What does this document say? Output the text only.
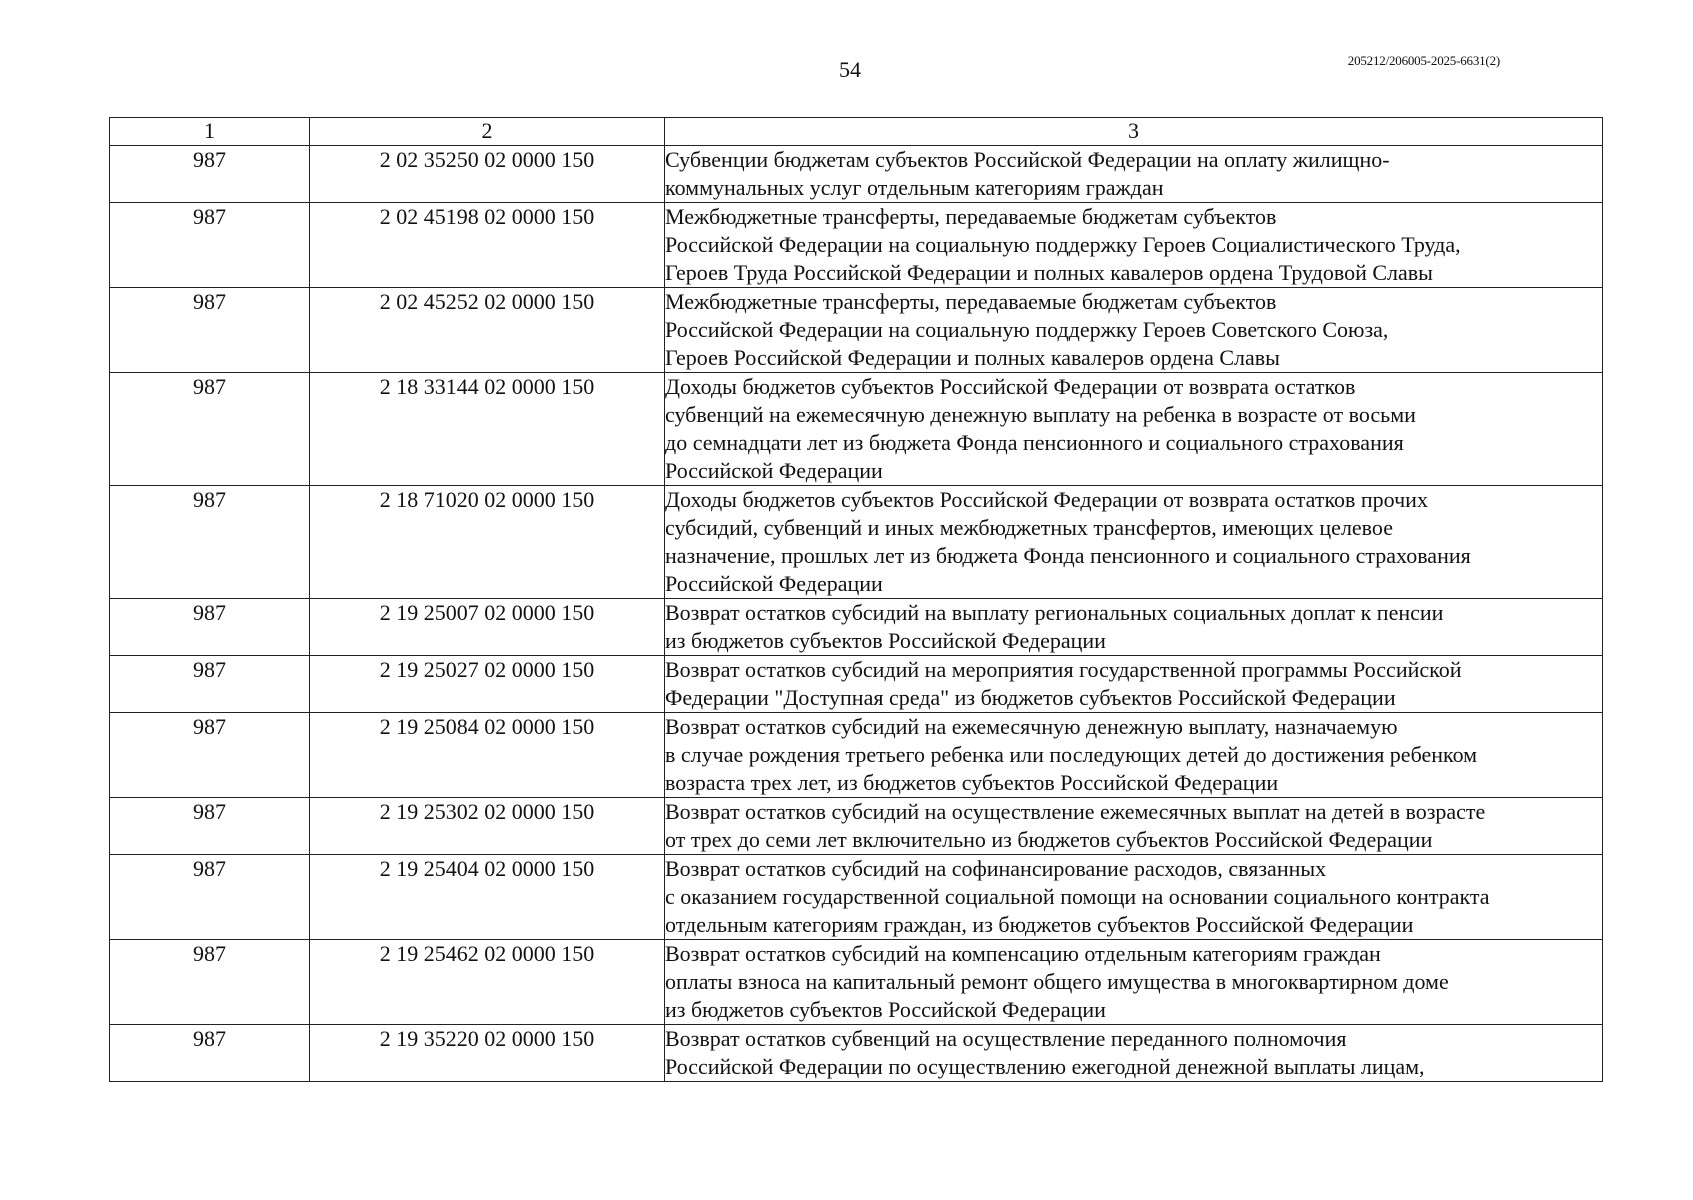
54	205212/206005-2025-6631(2)
1	2	3
987	2 02 35250 02 0000 150	Субвенции бюджетам субъектов Российской Федерации на оплату жилищно-
коммунальных услуг отдельным категориям граждан

987	2 02 45198 02 0000 150	Межбюджетные трансферты, передаваемые бюджетам субъектов
Российской Федерации на социальную поддержку Героев Социалистического Труда,
Героев Труда Российской Федерации и полных кавалеров ордена Трудовой Славы

987	2 02 45252 02 0000 150	Межбюджетные трансферты, передаваемые бюджетам субъектов
Российской Федерации на социальную поддержку Героев Советского Союза,
Героев Российской Федерации и полных кавалеров ордена Славы

987	2 18 33144 02 0000 150	Доходы бюджетов субъектов Российской Федерации от возврата остатков
субвенций на ежемесячную денежную выплату на ребенка в возрасте от восьми
до семнадцати лет из бюджета Фонда пенсионного и социального страхования
Российской Федерации

987	2 18 71020 02 0000 150	Доходы бюджетов субъектов Российской Федерации от возврата остатков прочих
субсидий, субвенций и иных межбюджетных трансфертов, имеющих целевое
назначение, прошлых лет из бюджета Фонда пенсионного и социального страхования
Российской Федерации

987	2 19 25007 02 0000 150	Возврат остатков субсидий на выплату региональных социальных доплат к пенсии
из бюджетов субъектов Российской Федерации

987	2 19 25027 02 0000 150	Возврат остатков субсидий на мероприятия государственной программы Российской
Федерации "Доступная среда" из бюджетов субъектов Российской Федерации

987	2 19 25084 02 0000 150	Возврат остатков субсидий на ежемесячную денежную выплату, назначаемую
в случае рождения третьего ребенка или последующих детей до достижения ребенком
возраста трех лет, из бюджетов субъектов Российской Федерации

987	2 19 25302 02 0000 150	Возврат остатков субсидий на осуществление ежемесячных выплат на детей в возрасте
от трех до семи лет включительно из бюджетов субъектов Российской Федерации

987	2 19 25404 02 0000 150	Возврат остатков субсидий на софинансирование расходов, связанных
с оказанием государственной социальной помощи на основании социального контракта
отдельным категориям граждан, из бюджетов субъектов Российской Федерации

987	2 19 25462 02 0000 150	Возврат остатков субсидий на компенсацию отдельным категориям граждан
оплаты взноса на капитальный ремонт общего имущества в многоквартирном доме
из бюджетов субъектов Российской Федерации

987	2 19 35220 02 0000 150	Возврат остатков субвенций на осуществление переданного полномочия
Российской Федерации по осуществлению ежегодной денежной выплаты лицам,
